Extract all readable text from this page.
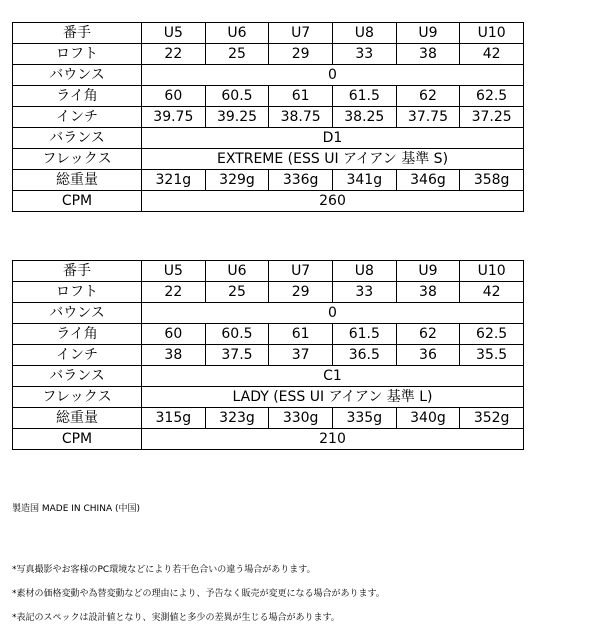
番手	U5	U6	U7	U8	U9	U10
ロフト	22	25	29	33	38	42
バウンス	0					
ライ角	60	60.5	61	61.5	62	62.5
インチ	39.75	39.25	38.75	38.25	37.75	37.25
バランス	D1					
フレックス	EXTREME (ESS UI アイアン 基準 S)					
総重量	321g	329g	336g	341g	346g	358g
CPM	260					
番手	U5	U6	U7	U8	U9	U10
ロフト	22	25	29	33	38	42
バウンス	0					
ライ角	60	60.5	61	61.5	62	62.5
インチ	38	37.5	37	36.5	36	35.5
バランス	C1					
フレックス	LADY (ESS UI アイアン 基準 L)					
総重量	315g	323g	330g	335g	340g	352g
CPM	210					
製造国 MADE IN CHINA (中国)
*写真撮影やお客様のPC環境などにより若干色合いの違う場合があります。
*素材の価格変動や為替変動などの理由により、予告なく販売が変更になる場合があります。
*表記のスペックは設計値となり、実測値と多少の差異が生じる場合があります。
